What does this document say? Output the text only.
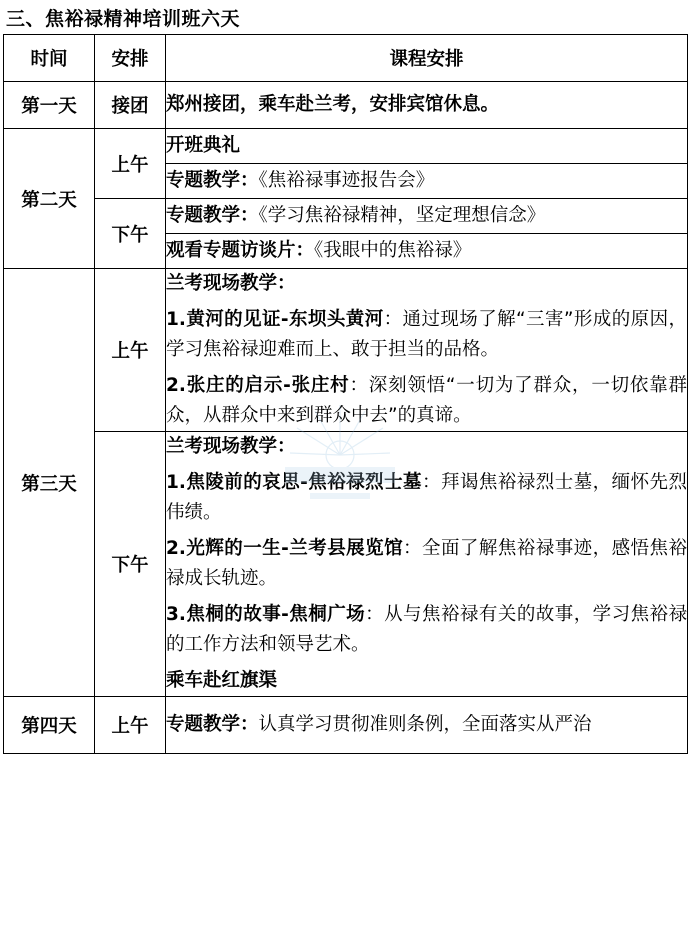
三、焦裕禄精神培训班六天
时间	安排	课程安排
第一天	接团	郑州接团，乘车赴兰考，安排宾馆休息。
第二天	上午	开班典礼
		专题教学：《焦裕禄事迹报告会》
	下午	专题教学：《学习焦裕禄精神，坚定理想信念》
		观看专题访谈片：《我眼中的焦裕禄》
第三天	上午	兰考现场教学：
1.黄河的见证-东坝头黄河：通过现场了解“三害”形成的原因，学习焦裕禄迎难而上、敢于担当的品格。
2.张庄的启示-张庄村：深刻领悟“一切为了群众，一切依靠群众，从群众中来到群众中去”的真谛。

	下午	兰考现场教学：
1.焦陵前的哀思-焦裕禄烈士墓：拜谒焦裕禄烈士墓，缅怀先烈伟绩。
2.光辉的一生-兰考县展览馆：全面了解焦裕禄事迹，感悟焦裕禄成长轨迹。
3.焦桐的故事-焦桐广场：从与焦裕禄有关的故事，学习焦裕禄的工作方法和领导艺术。
乘车赴红旗渠

第四天	上午	专题教学：认真学习贯彻准则条例，全面落实从严治
